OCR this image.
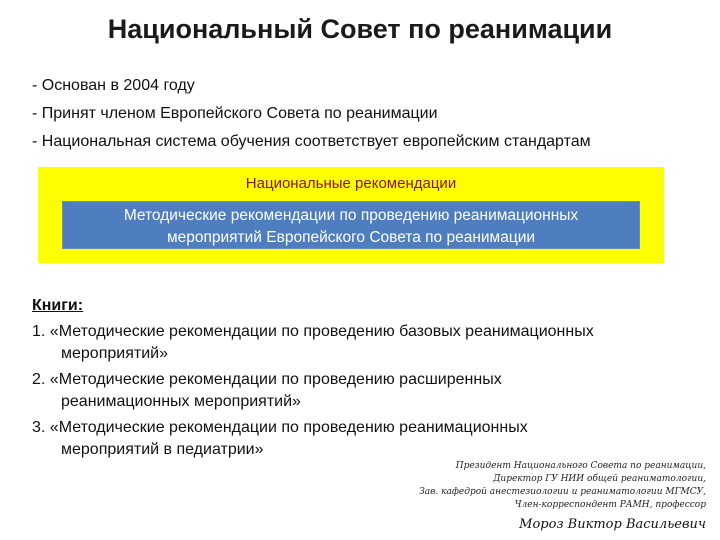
Национальный Совет по реанимации
- Основан в 2004 году
- Принят членом Европейского Совета по реанимации
- Национальная система обучения соответствует европейским стандартам
Национальные рекомендации
Методические рекомендации по проведению реанимационных
мероприятий Европейского Совета по реанимации
Книги:
1. «Методические рекомендации по проведению базовых реанимационных
мероприятий»
2. «Методические рекомендации по проведению расширенных
реанимационных мероприятий»
3. «Методические рекомендации по проведению реанимационных
мероприятий в педиатрии»
Президент Национального Совета по реанимации,
Директор ГУ НИИ общей реаниматологии,
Зав. кафедрой анестезиологии и реаниматологии МГМСУ,
Член-корреспондент РАМН, профессор
Мороз Виктор Васильевич
